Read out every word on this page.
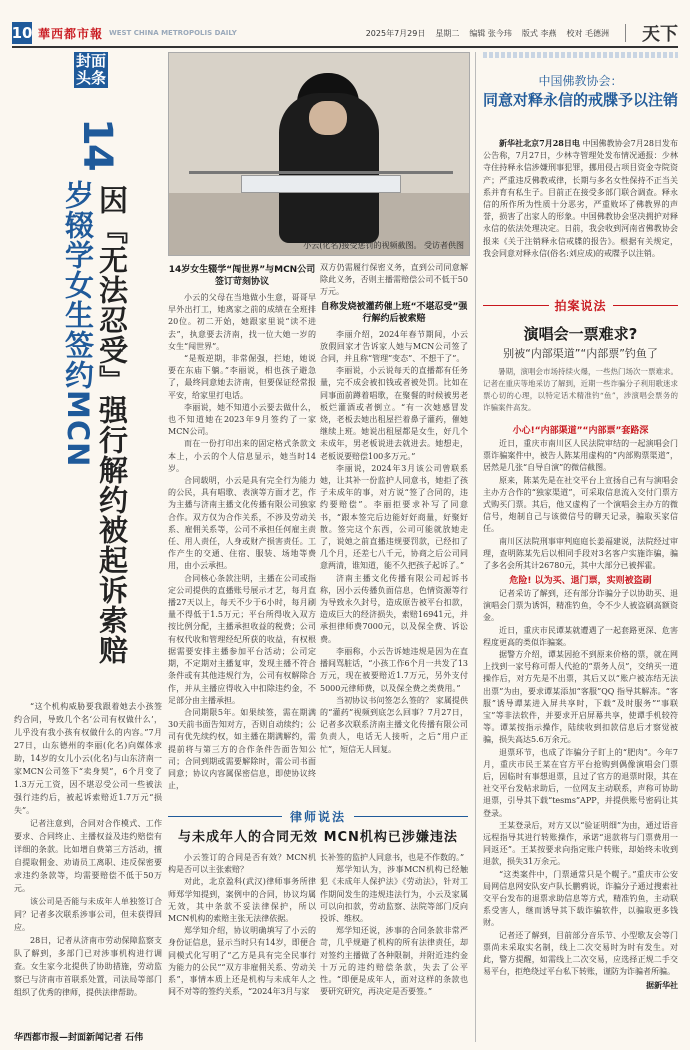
10 華西都市報 WEST CHINA METROPOLIS DAILY	2025年7月29日 星期二 编辑 张今玮 版式 李燕 校对 毛德洲 天下
封面头条
14
因『无法忍受』强行解约被起诉索赔
岁辍学女生签约MCN

“这个机构威胁要我跟着她去小孩签约合同，导致几个名‘公司有权做什么’，儿乎没有我小孩有权做什么的内容。”7月27日，山东德州的李丽(化名)向媒体求助，14岁的女儿小云(化名)与山东济南一家MCN公司签下“卖身契”，6个月变了1.3万元工资，因不堪忍受公司一些被法强行违约后，被起诉索赔近1.7万元“损失”。

记者注意到，合同对合作模式、工作要求、合同终止、主播权益及违约赔偿有详细的条款。比如增自费第三方活动，擅自提取佣金、劝请员工离职、违反保密要求违约条款等，均需要赔偿不低于50万元。

该公司是否能与未成年人单独签订合同？记者多次联系涉事公司，但未获得回应。

28日，记者从济南市劳动保障监察支队了解到，多部门已对涉事机构进行调查。女生家今北提供了协助措施，劳动监察已与济南市首联系处置，司法局等部门组织了优秀的律师，提供法律帮助。

华西都市报—封面新闻记者 石伟
小云(化名)接受惩罚的视频截图。 受访者供图

14岁女生辍学“闯世界”与MCN公司签订苛刻协议

小云的父母在当地做小生意，哥哥早早外出打工，她离家之前的成绩在全班排20位。初二开始，她跟家里说“读不进去”，执意要去济南，找一位大她一岁的女生“闯世界”。

“是叛逆期，非常倔强，拦她，她说要在东庙下躺。”李丽说，相也孩子避急了，最终同意她去济南，但要保证经常报平安，给家里打电话。

李丽说，她不知道小云要去做什么，也不知道她在2023年9月签约了一家MCN公司。

而在一份打印出来的固定格式条款文本上，小云的个人信息显示，她当时14岁。

合同载明，小云是具有完全行为能力的公民，具有唱歌、表演等方面才艺，作为主播与济南主播文化传播有限公司独家合作。双方仅为合作关系，不涉及劳动关系、雇佣关系等，公司不承担任何雇主责任、用人责任，人身或财产损害责任。工作产生的交通、住宿、服装、场地等费用，由小云承担。

合同核心条款注明，主播在公司或指定公司提供的直播账号展示才艺，每月直播27天以上，每天不少于6小时，每月刷量不得低于1.5万元；平台所得收入双方按比例分配，主播承担收益的税费；公司有权代收和管理经纪所获的收益，有权根据需要安排主播参加平台活动；公司定期，不定期对主播复审，发现主播不符合条件或有其他违规行为，公司有权解除合作，并从主播应得收入中扣除违约金，不足部分由主播承担。

合同期限5年。如果续签，需在期满30天前书面告知对方，否则自动续约；公司有优先续约权，如主播在期满解约，需提前将与第三方的合作条件告面告知公司；合同到期或需要解除时，需公司书面同意；协议内容属保密信息，即使协议终止，

双方仍需履行保密义务，直到公司同意解除此义务，否则主播需赔偿公司不低于50万元。

自称发烧被灌药催上班“不堪忍受”强行解约后被索赔

李丽介绍，2024年春节期间，小云放假回家才告诉家人她与MCN公司签了合同，并且称“管理”变态”、不想干了”。

李丽说，小云说每天的直播都有任务量，完不成会被扣钱或者被处罚。比如在同事面前蹲着唱歌，在聚餐的时候被男老板烂灌酒或者倒立。“有一次她感冒发烧，老板去她出租屋拦着鼻子灌药，催她继续上班。她说出租屋都是女生，好几个未成年，男老板说进去就进去。她想走，老板说要赔偿100多万元。”

李丽说，2024年3月该公司曾联系她，让其补一份监护人同意书，她拒了孩子未成年的事，对方说“签了合同的，违约要赔偿”。李丽拒要求补写了同意书，“跟本签完后边能好好商量，好聚好散。签完这个东西，公司可能就放她走了，说她之前直播违规要罚款，已经扣了几个月，还差七八千元，协商之后公司同意两清，谁知道，能不久把孩子起诉了。”

济南主播文化传播有限公司起诉书称，因小云传播负面信息，色情资源等行为导致永久封号，造成原告被平台扣款，造成巨大的经济损失，索赔16941元，并承担律师费7000元，以及保全费、诉讼费。

李丽称，小云告诉她违规是因为在直播间骂脏话，“小孩工作6个月一共发了13万元，现在被要赔近1.7万元，另外支付5000元律师费，以及保全费之类费用。”

当初协议书问签怎么签的？ 家属提供的“灌药”视频到底怎么回事？7月27日，记者多次联系济南主播文化传播有限公司负责人，电话无人接听，之后“用户正忙”，短信无人回复。

律师说法
与未成年人的合同无效 MCN机构已涉嫌违法

小云签订的合同是否有效？MCN机构是否可以主张索赔？

对此，北京盈科(武汉)律师事务所律师郑学知提到，案例中的合同，协议均属无效，其中条款不妥法律保护，所以MCN机构的索赔主张无法律依据。

郑学知介绍，协议明确填写了小云的身份证信息，显示当时只有14岁，即便合同模式化写明了“乙方是具有完全民事行为能力的公民”“双方非雇佣关系、劳动关系”，事情本质上还是机构与未成年人之间不对等的签约关系，“2024年3月与家

长补签的监护人同意书，也是不作数的。”

郑学知认为，涉事MCN机构已经触犯《未成年人保护法》《劳动法》，针对工作期间发生的违规违法行为，小云及家属可以向扣款，劳动监察、法院等部门反向投诉、维权。

郑学知还说，涉事的合同条款非常严苛，几乎规避了机构的所有法律责任，却对签约主播做了各种限制，并附近违约金十万元的违约赔偿条款，失去了公平性。“即便是成年人，面对这样的条款也要研究研究，再决定是否要签。”

中国佛教协会：
同意对释永信的戒牒予以注销

新华社北京7月28日电 中国佛教协会7月28日发布公告称，7月27日，少林寺管理处发布情况通报：少林寺住持释永信涉嫌刑事犯罪，挪用侵占项目资金寺院资产；严重违反佛教戒律，长期与多名女性保持不正当关系并育有私生子。目前正在接受多部门联合调查。释永信的所作所为性质十分恶劣，严重败坏了佛教界的声誉，损害了出家人的形象。中国佛教协会坚决拥护对释永信的依法处理决定。日前，我会收到河南省佛教协会报来《关于注销释永信戒牒的报告》。根据有关规定，我会同意对释永信(俗名:刘应成)的戒牒予以注销。

拍案说法
演唱会一票难求?
别被“内部渠道”“内部票”钓鱼了

暑期，演唱会市场持续火爆，一些热门场次一票难求。记者在重庆等地采访了解到，近期一些诈骗分子利用歌迷求票心切的心理，以特定话术精准钓“鱼”，涉演唱会票务的诈骗案件高发。

小心!“内部渠道”“内部票”套路深

近日，重庆市南川区人民法院审结的一起演唱会门票诈骗案件中，被告人陈某用虚构的“内部购票渠道”，居然是几张“自导自演”的微信截图。

原来，陈某先是在社交平台上宣扬自己有与演唱会主办方合作的“独家渠道”，可采取信息流入交付门票方式购买门票。其后，他又虚构了一个演唱会主办方的微信号，炮制自己与该微信号的聊天记录，骗取买家信任。

南川区法院刑事审判庭庭长姜福建说，法院经过审理，查明陈某先后以相同手段对3名客户实施诈骗，骗了多名会所其计26780元，其中大部分已被挥霍。

危险! 以为买、退门票，实则被盗刷

记者采访了解到，还有部分诈骗分子以协助买、退演唱会门票为诱饵，精准钓鱼，令不少人被盗刷高额资金。

近日，重庆市民谭某就遭遇了一起套路更深、危害程度更高的类似诈骗案。

据警方介绍，谭某因抢不到原来价格的票，就在网上找到一家号称可帮人代抢的“票务人员”，交纳买一道操作后，对方先是不出票，其后又以“账户被冻结无法出票”为由，要求谭某添加“客服”QQ 指导其解冻。“客服”诱导谭某进入屏共享时，下载“及时服务”“事联宝”等非法软件，并要求开启屏幕共享，使谭手机较符等。谭某按指示操作，陆续收到扣款信息后才察觉被骗，损失高达5.6万余元。

退票环节，也成了诈骗分子盯上的“肥肉”。今年7月，重庆市民王某在官方平台抢购到偶像演唱会门票后，因临时有事想退票，且过了官方的退票时限，其在社交平台发帖求助后，一位网友主动联系，声称可协助退票，引导其下载“tesms”APP，并提供账号密码让其登录。

王某登录后，对方又以“验证明细”为由，通过语音远程指导其进行转账操作，承诺“退款将与门票费用一同返还”。王某按要求向指定账户转账，却始终未收到退款，损失31万余元。

“这类案件中，门票通常只是个幌子。”重庆市公安局网信息网安队安卢队长鹏鸦说，诈骗分子通过搜索社交平台发布的退票求助信息等方式，精准钓鱼，主动联系受害人，继而诱导其下载诈骗软件，以骗取更多钱财。

记者还了解到，目前部分音乐节、小型歌友会等门票尚未采取实名制，线上二次交易时为时有发生。对此，警方提醒，如需线上二次交易，应选择正规二手交易平台，拒绝绕过平台私下转账，谨防为诈骗者所骗。

据新华社
